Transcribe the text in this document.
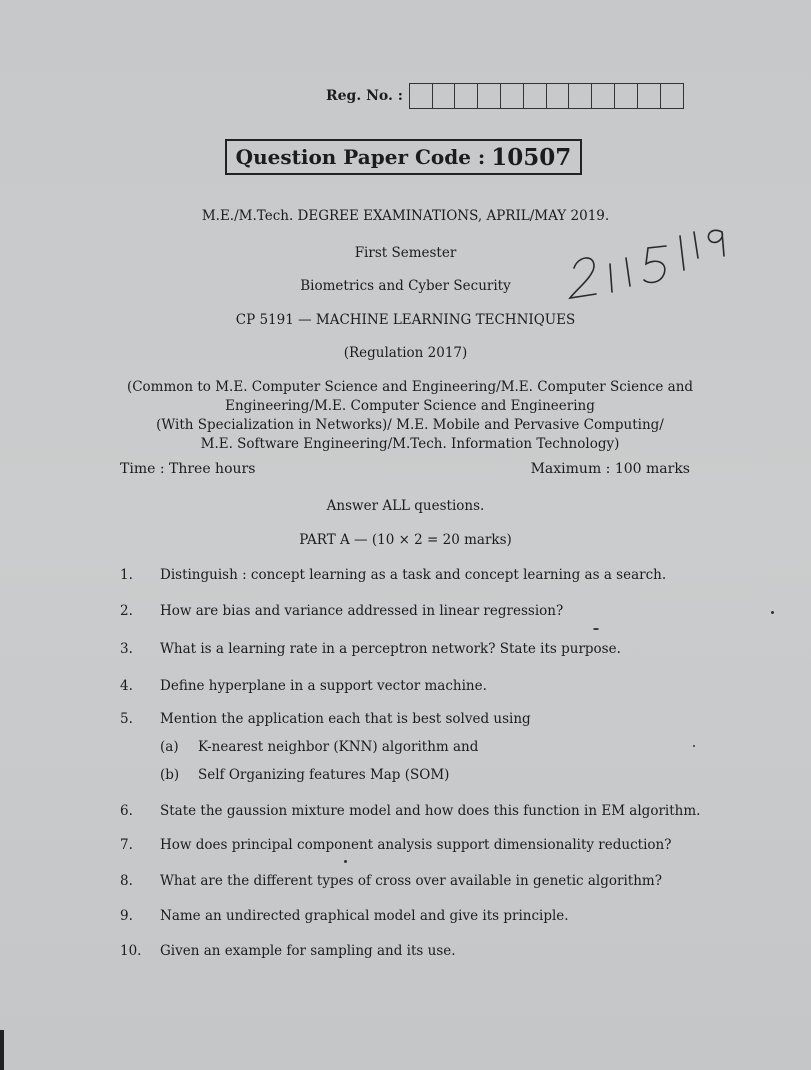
Reg. No. :
Question Paper Code : 10507
M.E./M.Tech. DEGREE EXAMINATIONS, APRIL/MAY 2019.
First Semester
Biometrics and Cyber Security
CP 5191 — MACHINE LEARNING TECHNIQUES
(Regulation 2017)
(Common to M.E. Computer Science and Engineering/M.E. Computer Science and
Engineering/M.E. Computer Science and Engineering
(With Specialization in Networks)/ M.E. Mobile and Pervasive Computing/
M.E. Software Engineering/M.Tech. Information Technology)
Time : Three hours	Maximum : 100 marks
Answer ALL questions.
PART A — (10 × 2 = 20 marks)
1.	Distinguish : concept learning as a task and concept learning as a search.
2.	How are bias and variance addressed in linear regression?
3.	What is a learning rate in a perceptron network? State its purpose.
4.	Define hyperplane in a support vector machine.
5.	Mention the application each that is best solved using
(a)	K-nearest neighbor (KNN) algorithm and
(b)	Self Organizing features Map (SOM)
6.	State the gaussion mixture model and how does this function in EM algorithm.
7.	How does principal component analysis support dimensionality reduction?
8.	What are the different types of cross over available in genetic algorithm?
9.	Name an undirected graphical model and give its principle.
10.	Given an example for sampling and its use.
